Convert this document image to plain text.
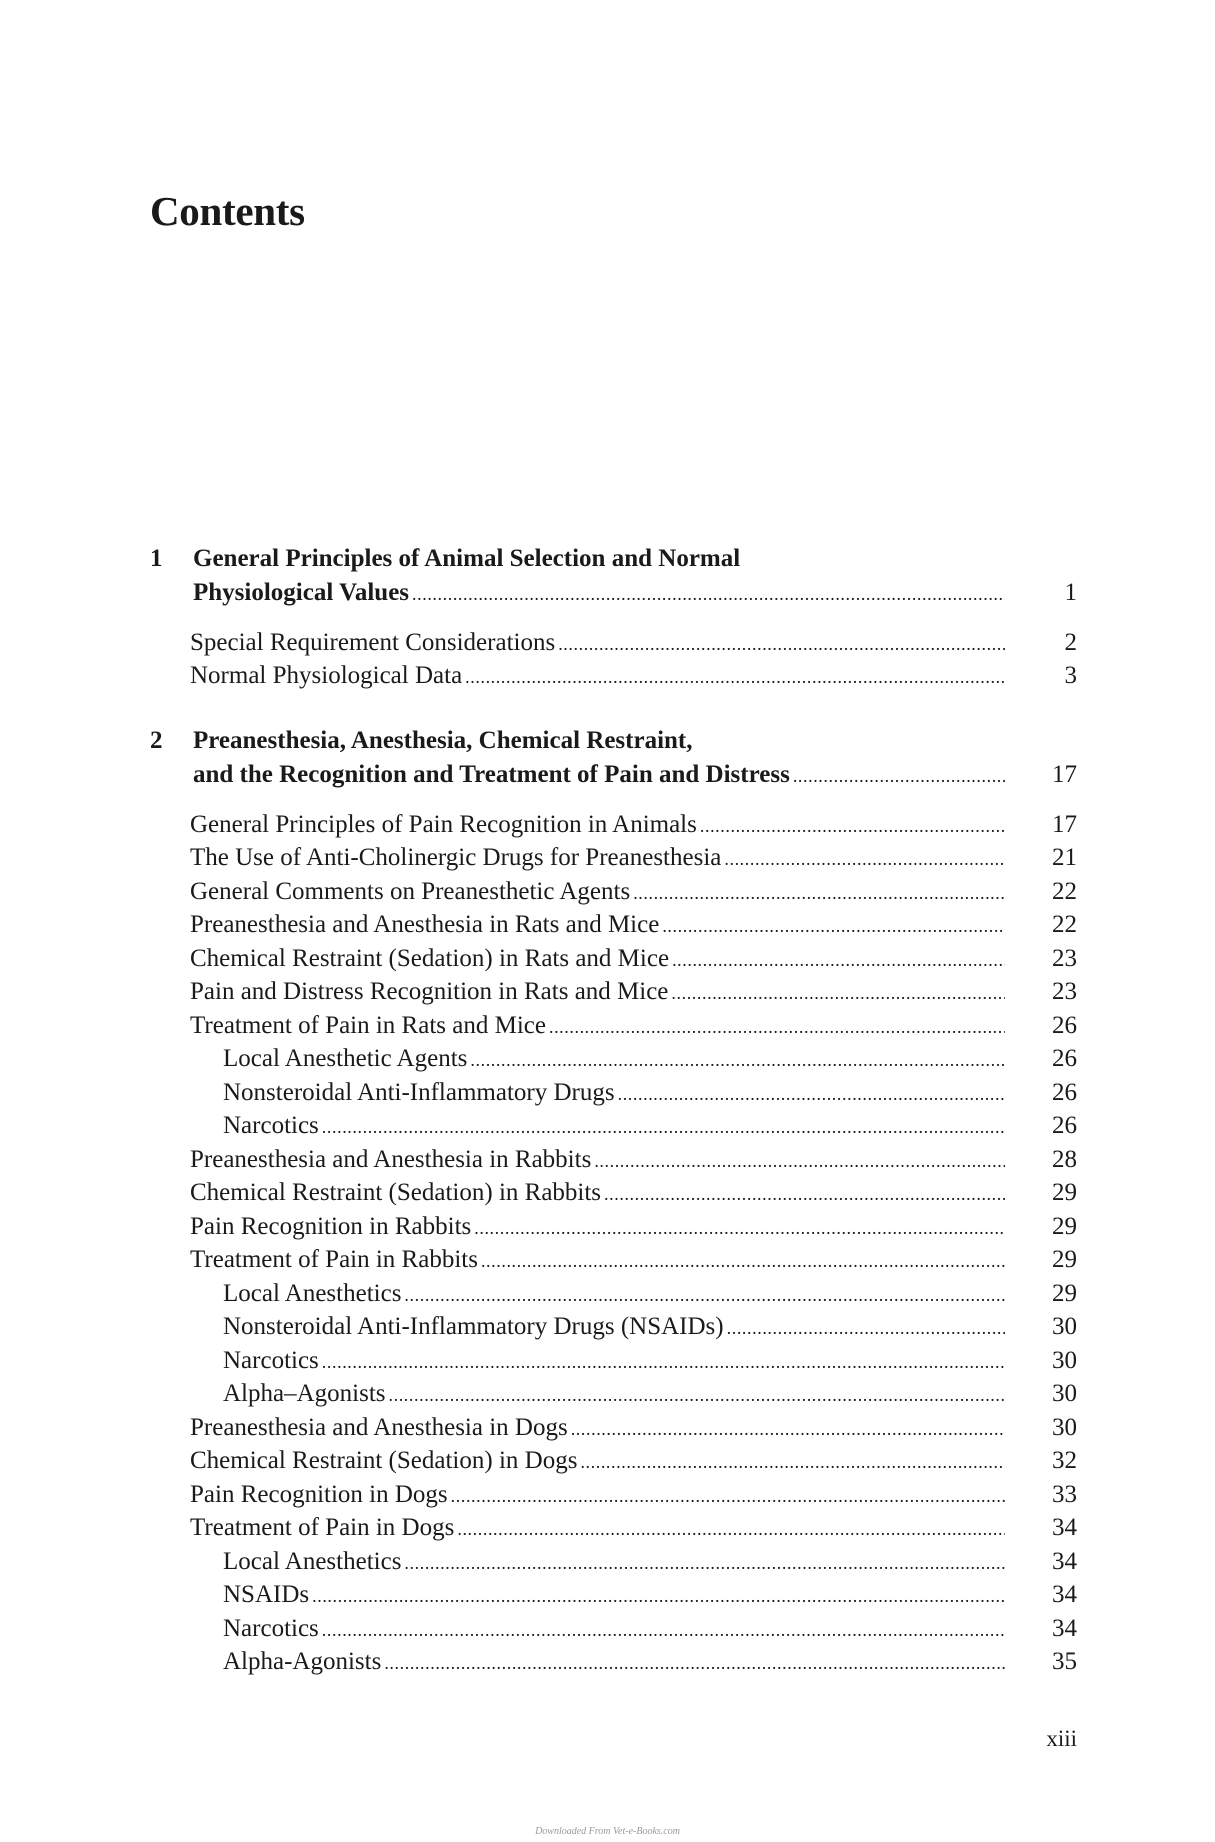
Contents
1 General Principles of Animal Selection and Normal
Physiological Values .....	1
Special Requirement Considerations .....	2
Normal Physiological Data .....	3
2 Preanesthesia, Anesthesia, Chemical Restraint,
and the Recognition and Treatment of Pain and Distress .....	17
General Principles of Pain Recognition in Animals .....	17
The Use of Anti-Cholinergic Drugs for Preanesthesia .....	21
General Comments on Preanesthetic Agents .....	22
Preanesthesia and Anesthesia in Rats and Mice .....	22
Chemical Restraint (Sedation) in Rats and Mice .....	23
Pain and Distress Recognition in Rats and Mice .....	23
Treatment of Pain in Rats and Mice .....	26
Local Anesthetic Agents .....	26
Nonsteroidal Anti-Inflammatory Drugs .....	26
Narcotics .....	26
Preanesthesia and Anesthesia in Rabbits .....	28
Chemical Restraint (Sedation) in Rabbits .....	29
Pain Recognition in Rabbits .....	29
Treatment of Pain in Rabbits .....	29
Local Anesthetics .....	29
Nonsteroidal Anti-Inflammatory Drugs (NSAIDs) .....	30
Narcotics .....	30
Alpha–Agonists .....	30
Preanesthesia and Anesthesia in Dogs .....	30
Chemical Restraint (Sedation) in Dogs .....	32
Pain Recognition in Dogs .....	33
Treatment of Pain in Dogs .....	34
Local Anesthetics .....	34
NSAIDs .....	34
Narcotics .....	34
Alpha-Agonists .....	35
xiii
Downloaded From Vet-e-Books.com
